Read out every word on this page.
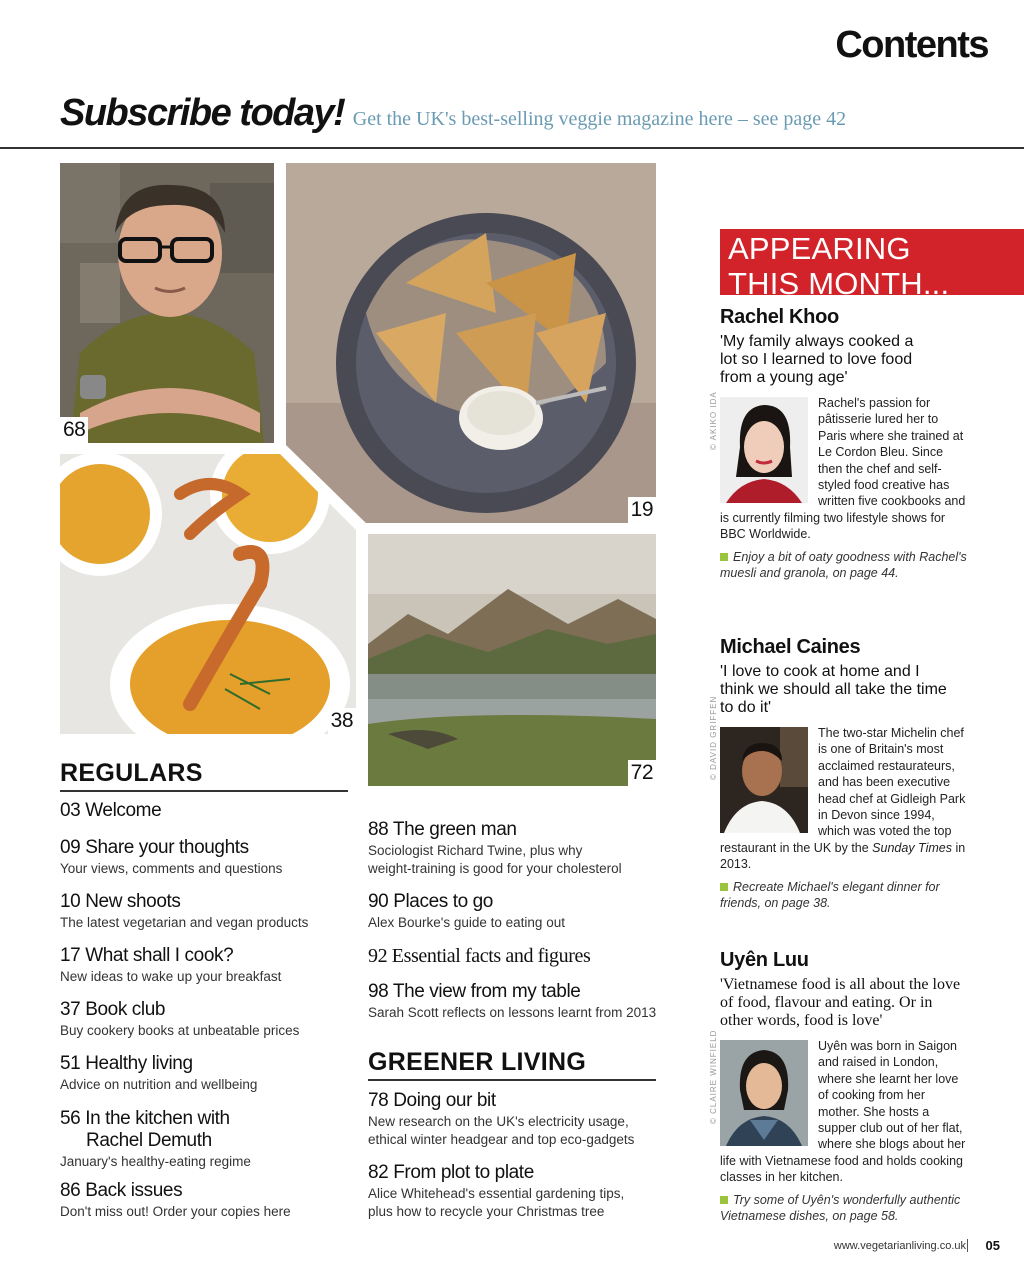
Contents
Subscribe today! Get the UK's best-selling veggie magazine here – see page 42
68
19
38
72
REGULARS

03 Welcome

09 Share your thoughts

Your views, comments and questions

10 New shoots

The latest vegetarian and vegan products

17 What shall I cook?

New ideas to wake up your breakfast

37 Book club

Buy cookery books at unbeatable prices

51 Healthy living

Advice on nutrition and wellbeing

56 In the kitchen with

Rachel Demuth

January's healthy-eating regime

86 Back issues

Don't miss out! Order your copies here

88 The green man

Sociologist Richard Twine, plus why

weight-training is good for your cholesterol

90 Places to go

Alex Bourke's guide to eating out

92 Essential facts and figures

98 The view from my table

Sarah Scott reflects on lessons learnt from 2013

GREENER LIVING

78 Doing our bit

New research on the UK's electricity usage,

ethical winter headgear and top eco-gadgets

82 From plot to plate

Alice Whitehead's essential gardening tips,

plus how to recycle your Christmas tree

APPEARING
THIS MONTH...

Rachel Khoo

'My family always cooked a lot so I learned to love food from a young age'

Rachel's passion for pâtisserie lured her to Paris where she trained at Le Cordon Bleu. Since then the chef and self-styled food creative has written five cookbooks and is currently filming two lifestyle shows for BBC Worldwide.

Enjoy a bit of oaty goodness with Rachel's muesli and granola, on page 44.

© AKIKO IDA

Michael Caines

'I love to cook at home and I think we should all take the time to do it'

The two-star Michelin chef is one of Britain's most acclaimed restaurateurs, and has been executive head chef at Gidleigh Park in Devon since 1994, which was voted the top restaurant in the UK by the Sunday Times in 2013.

Recreate Michael's elegant dinner for friends, on page 38.

© DAVID GRIFFEN

Uyên Luu

'Vietnamese food is all about the love of food, flavour and eating. Or in other words, food is love'

Uyên was born in Saigon and raised in London, where she learnt her love of cooking from her mother. She hosts a supper club out of her flat, where she blogs about her life with Vietnamese food and holds cooking classes in her kitchen.

Try some of Uyên's wonderfully authentic Vietnamese dishes, on page 58.

© CLAIRE WINFIELD
www.vegetarianliving.co.uk 05
